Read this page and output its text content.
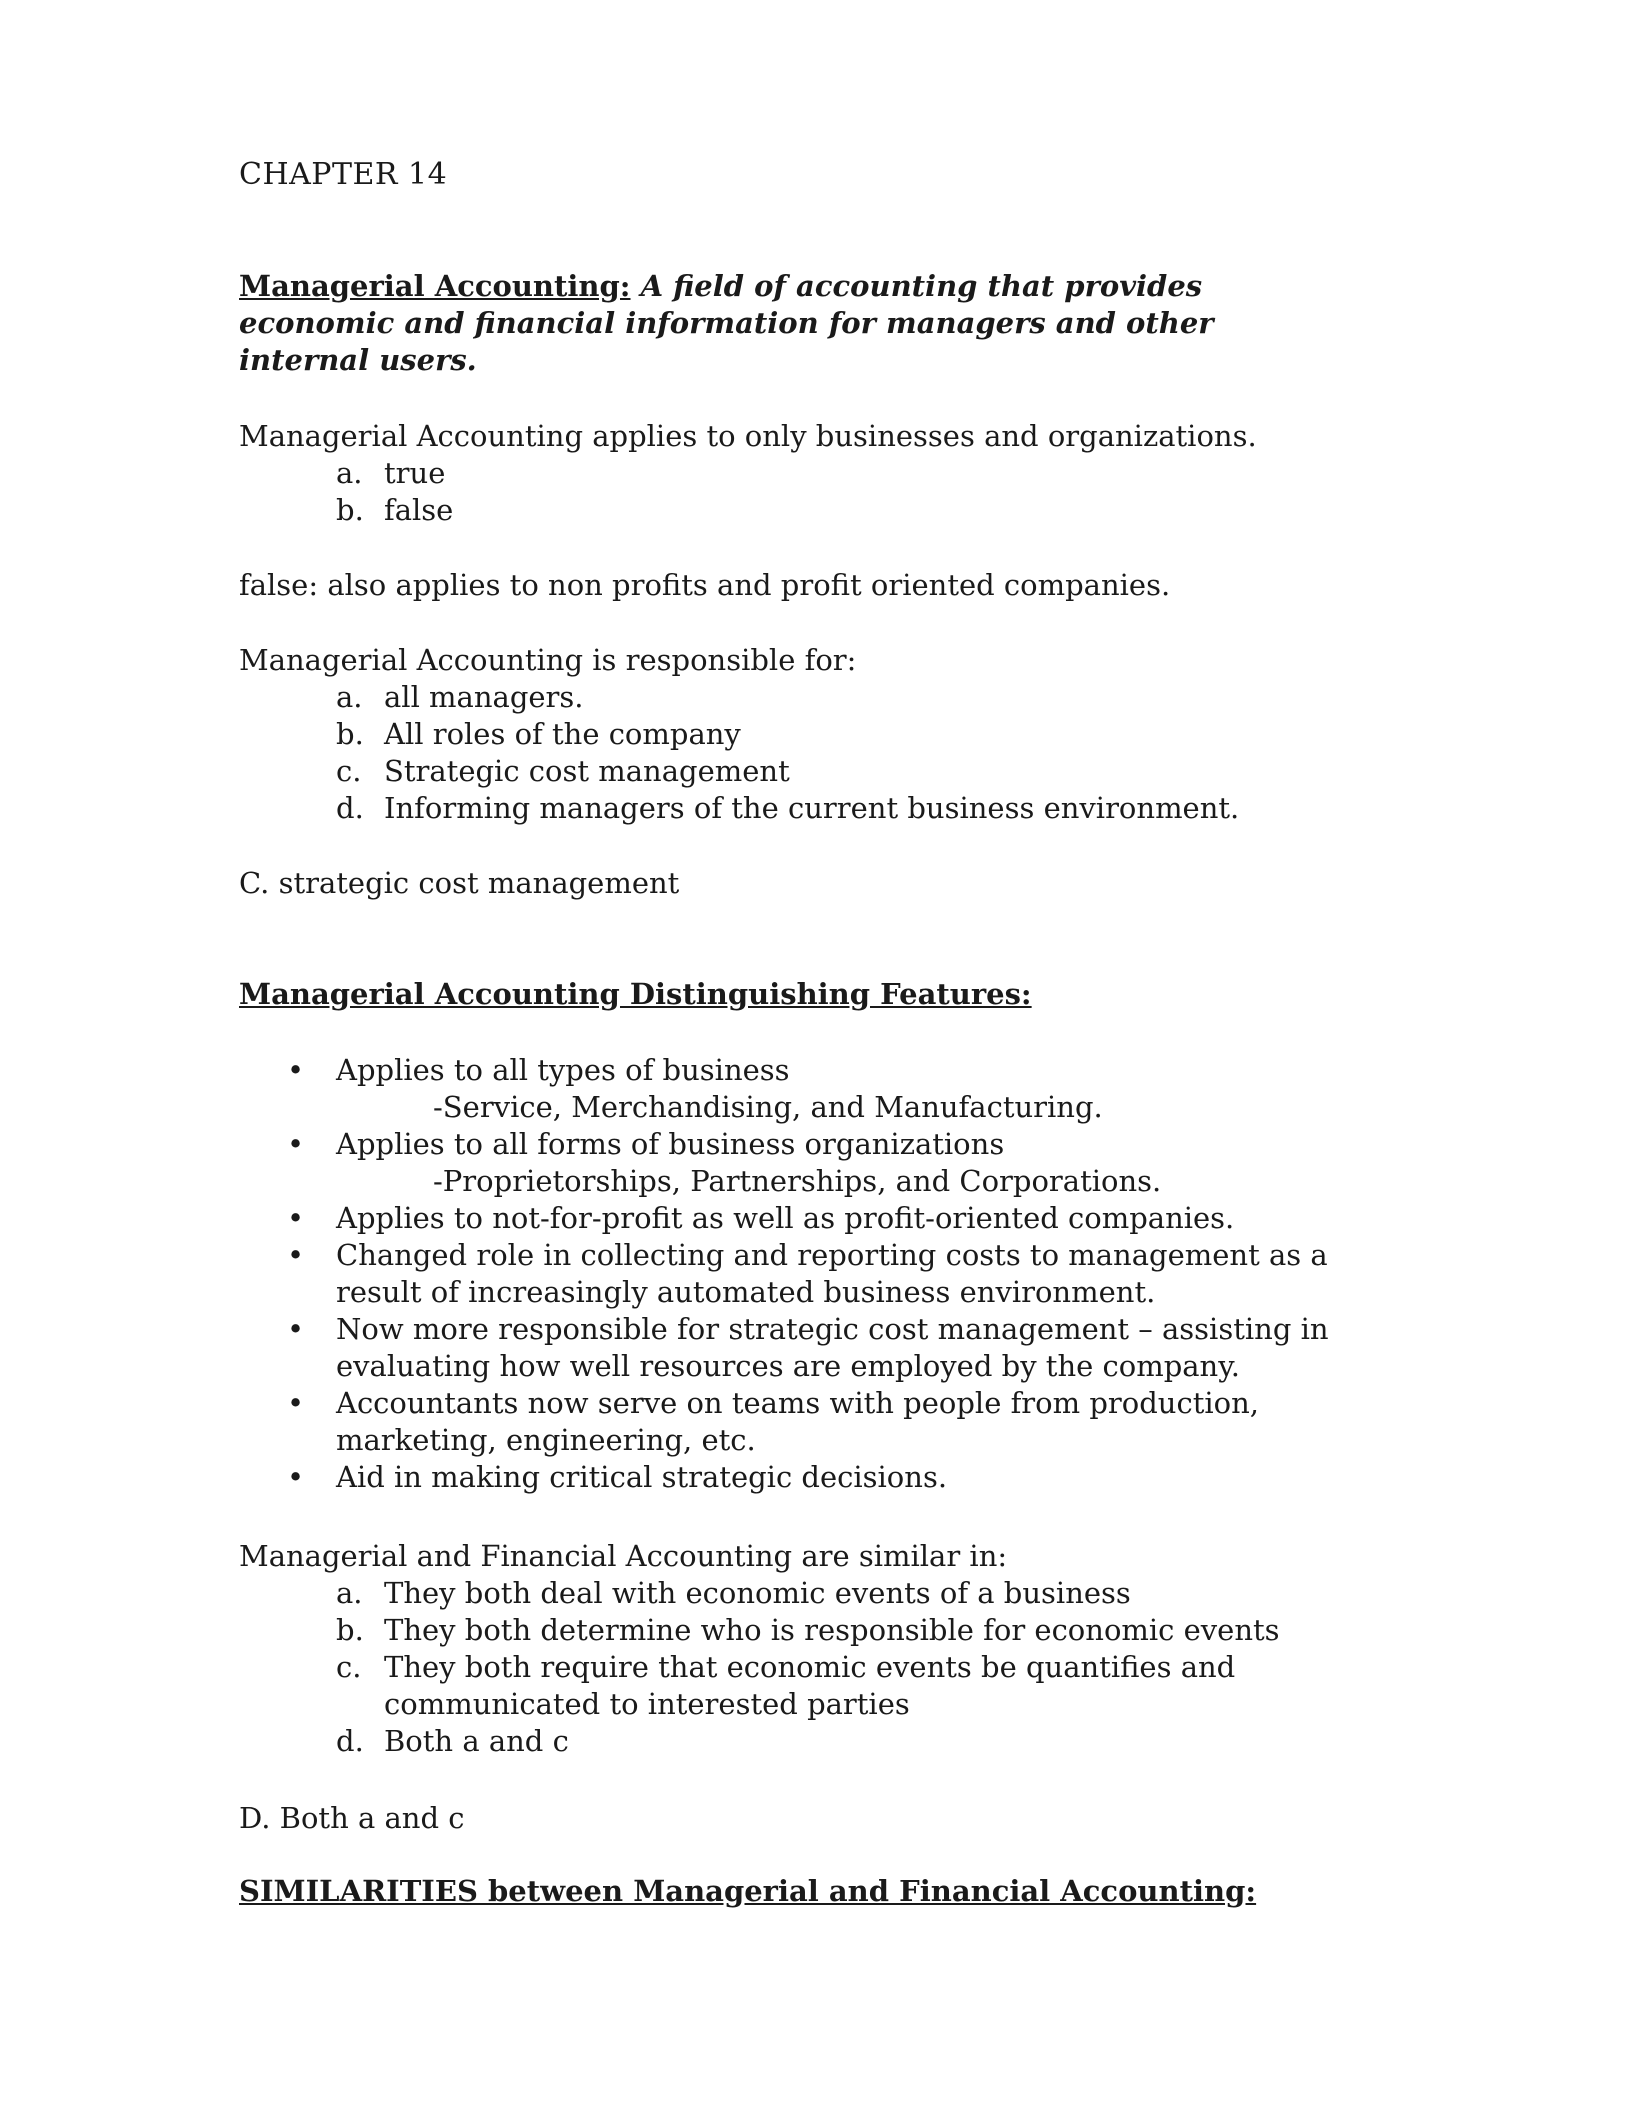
CHAPTER 14
Managerial Accounting: A field of accounting that provides economic and financial information for managers and other internal users.

Managerial Accounting applies to only businesses and organizations.

a. true
b. false
false: also applies to non profits and profit oriented companies.

Managerial Accounting is responsible for:

a. all managers.
b. All roles of the company
c. Strategic cost management
d. Informing managers of the current business environment.
C. strategic cost management
Managerial Accounting Distinguishing Features:
• Applies to all types of business
-Service, Merchandising, and Manufacturing.
• Applies to all forms of business organizations
-Proprietorships, Partnerships, and Corporations.
• Applies to not-for-profit as well as profit-oriented companies.
• Changed role in collecting and reporting costs to management as a result of increasingly automated business environment.
• Now more responsible for strategic cost management – assisting in evaluating how well resources are employed by the company.
• Accountants now serve on teams with people from production, marketing, engineering, etc.
• Aid in making critical strategic decisions.

Managerial and Financial Accounting are similar in:

a. They both deal with economic events of a business
b. They both determine who is responsible for economic events
c. They both require that economic events be quantifies and communicated to interested parties
d. Both a and c
D. Both a and c
SIMILARITIES between Managerial and Financial Accounting:
